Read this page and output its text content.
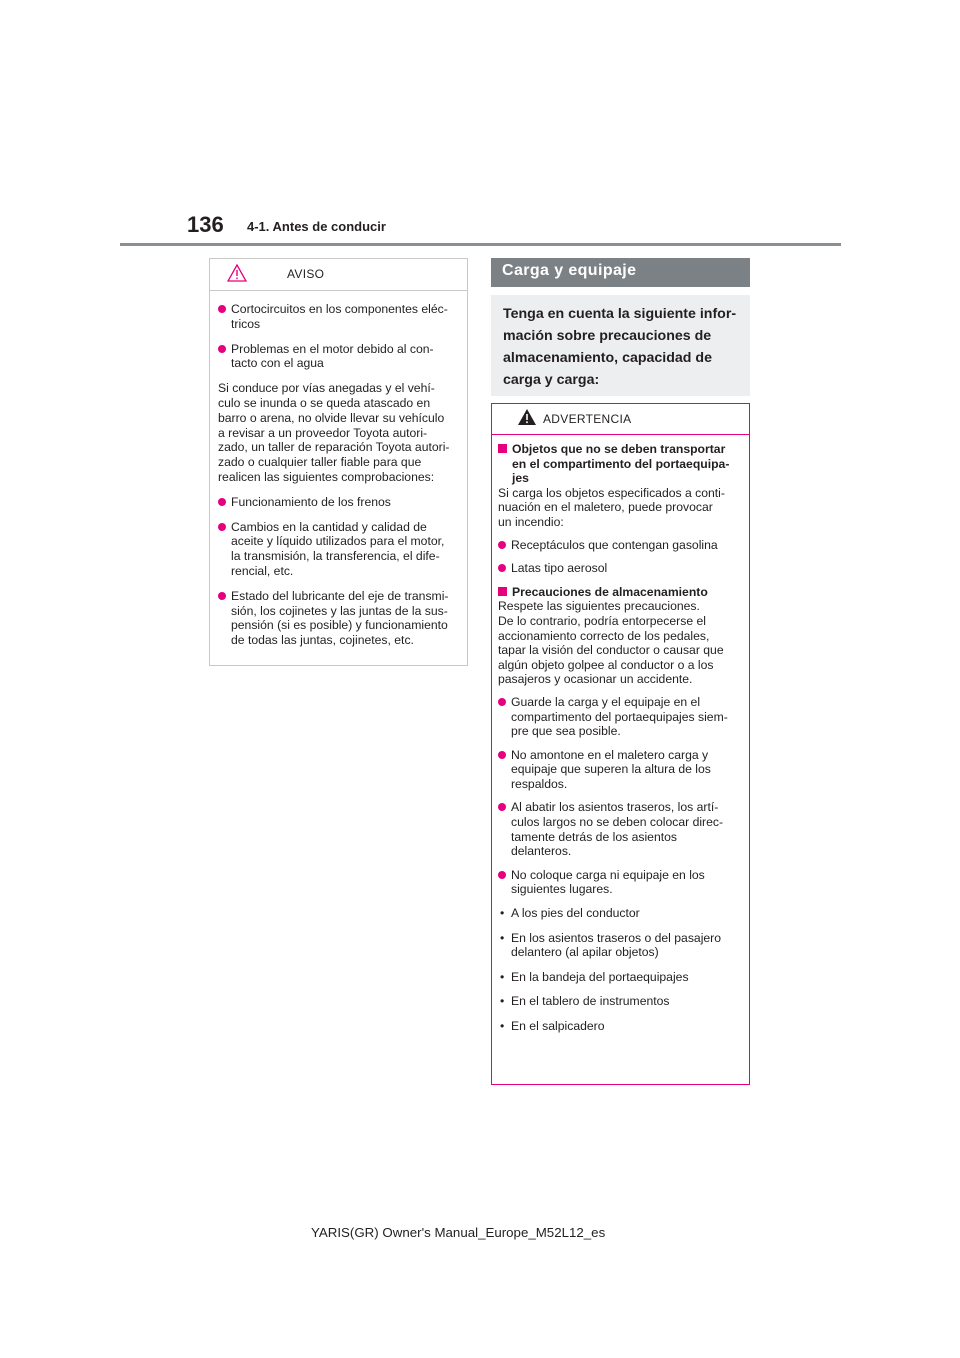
136 4-1. Antes de conducir
AVISO
Cortocircuitos en los componentes eléc-
tricos
Problemas en el motor debido al con-
tacto con el agua
Si conduce por vías anegadas y el vehí-
culo se inunda o se queda atascado en
barro o arena, no olvide llevar su vehículo
a revisar a un proveedor Toyota autori-
zado, un taller de reparación Toyota autori-
zado o cualquier taller fiable para que
realicen las siguientes comprobaciones:
Funcionamiento de los frenos
Cambios en la cantidad y calidad de
aceite y líquido utilizados para el motor,
la transmisión, la transferencia, el dife-
rencial, etc.
Estado del lubricante del eje de transmi-
sión, los cojinetes y las juntas de la sus-
pensión (si es posible) y funcionamiento
de todas las juntas, cojinetes, etc.
Carga y equipaje
Tenga en cuenta la siguiente infor-
mación sobre precauciones de
almacenamiento, capacidad de
carga y carga:
ADVERTENCIA
Objetos que no se deben transportar
en el compartimento del portaequipa-
jes
Si carga los objetos especificados a conti-
nuación en el maletero, puede provocar
un incendio:
Receptáculos que contengan gasolina
Latas tipo aerosol
Precauciones de almacenamiento
Respete las siguientes precauciones.
De lo contrario, podría entorpecerse el
accionamiento correcto de los pedales,
tapar la visión del conductor o causar que
algún objeto golpee al conductor o a los
pasajeros y ocasionar un accidente.
Guarde la carga y el equipaje en el
compartimento del portaequipajes siem-
pre que sea posible.
No amontone en el maletero carga y
equipaje que superen la altura de los
respaldos.
Al abatir los asientos traseros, los artí-
culos largos no se deben colocar direc-
tamente detrás de los asientos
delanteros.
No coloque carga ni equipaje en los
siguientes lugares.
• A los pies del conductor
• En los asientos traseros o del pasajero
delantero (al apilar objetos)
• En la bandeja del portaequipajes
• En el tablero de instrumentos
• En el salpicadero
YARIS(GR) Owner's Manual_Europe_M52L12_es
